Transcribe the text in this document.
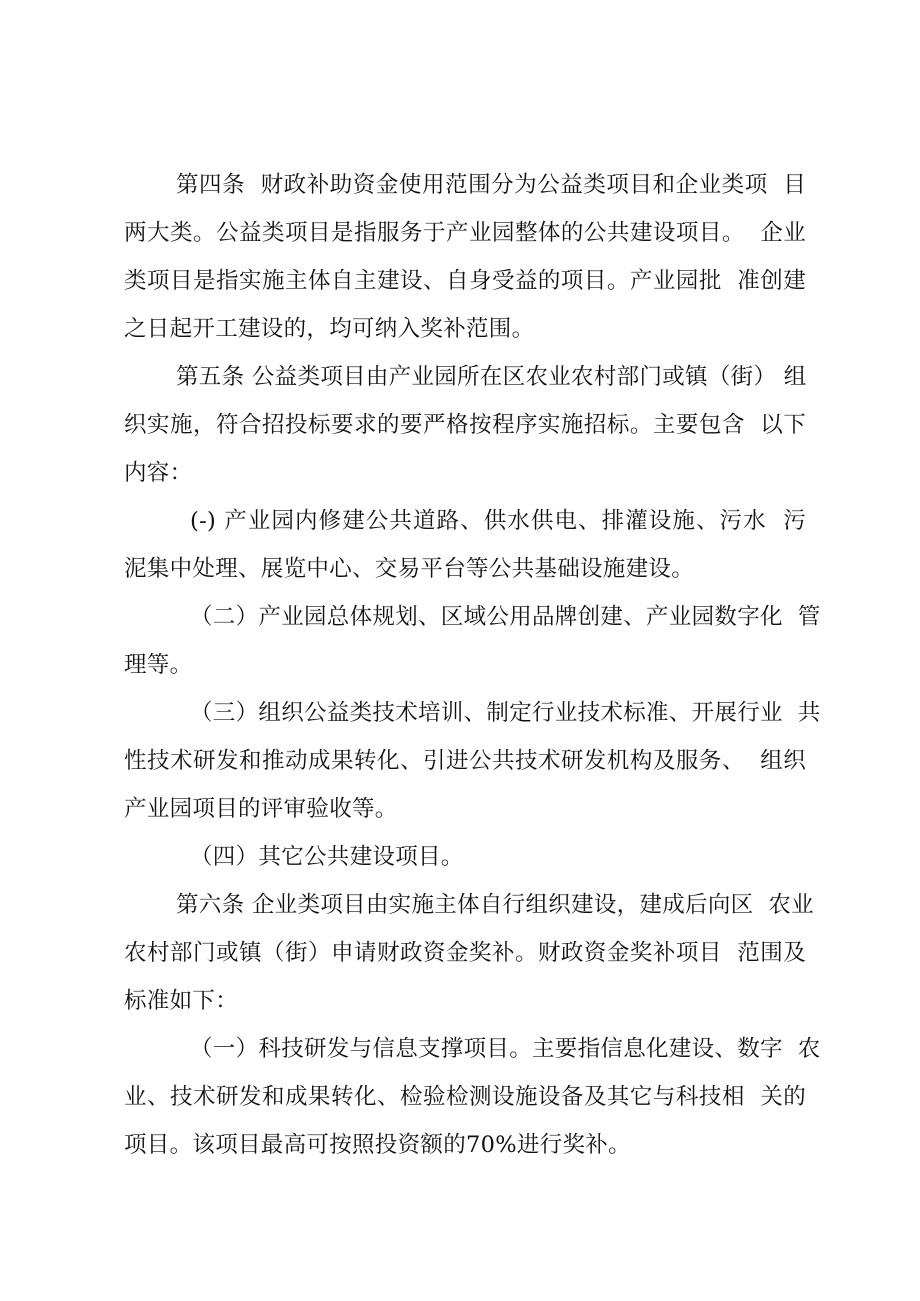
第四条  财政补助资金使用范围分为公益类项目和企业类项  目
两大类。公益类项目是指服务于产业园整体的公共建设项目。  企业
类项目是指实施主体自主建设、自身受益的项目。产业园批  准创建
之日起开工建设的，均可纳入奖补范围。
第五条 公益类项目由产业园所在区农业农村部门或镇（街） 组
织实施，符合招投标要求的要严格按程序实施招标。主要包含  以下
内容：
(-) 产业园内修建公共道路、供水供电、排灌设施、污水  污
泥集中处理、展览中心、交易平台等公共基础设施建设。
（二）产业园总体规划、区域公用品牌创建、产业园数字化  管
理等。
（三）组织公益类技术培训、制定行业技术标准、开展行业  共
性技术研发和推动成果转化、引进公共技术研发机构及服务、  组织
产业园项目的评审验收等。
（四）其它公共建设项目。
第六条 企业类项目由实施主体自行组织建设，建成后向区  农业
农村部门或镇（街）申请财政资金奖补。财政资金奖补项目  范围及
标准如下：
（一）科技研发与信息支撑项目。主要指信息化建设、数字  农
业、技术研发和成果转化、检验检测设施设备及其它与科技相  关的
项目。该项目最高可按照投资额的70%进行奖补。
